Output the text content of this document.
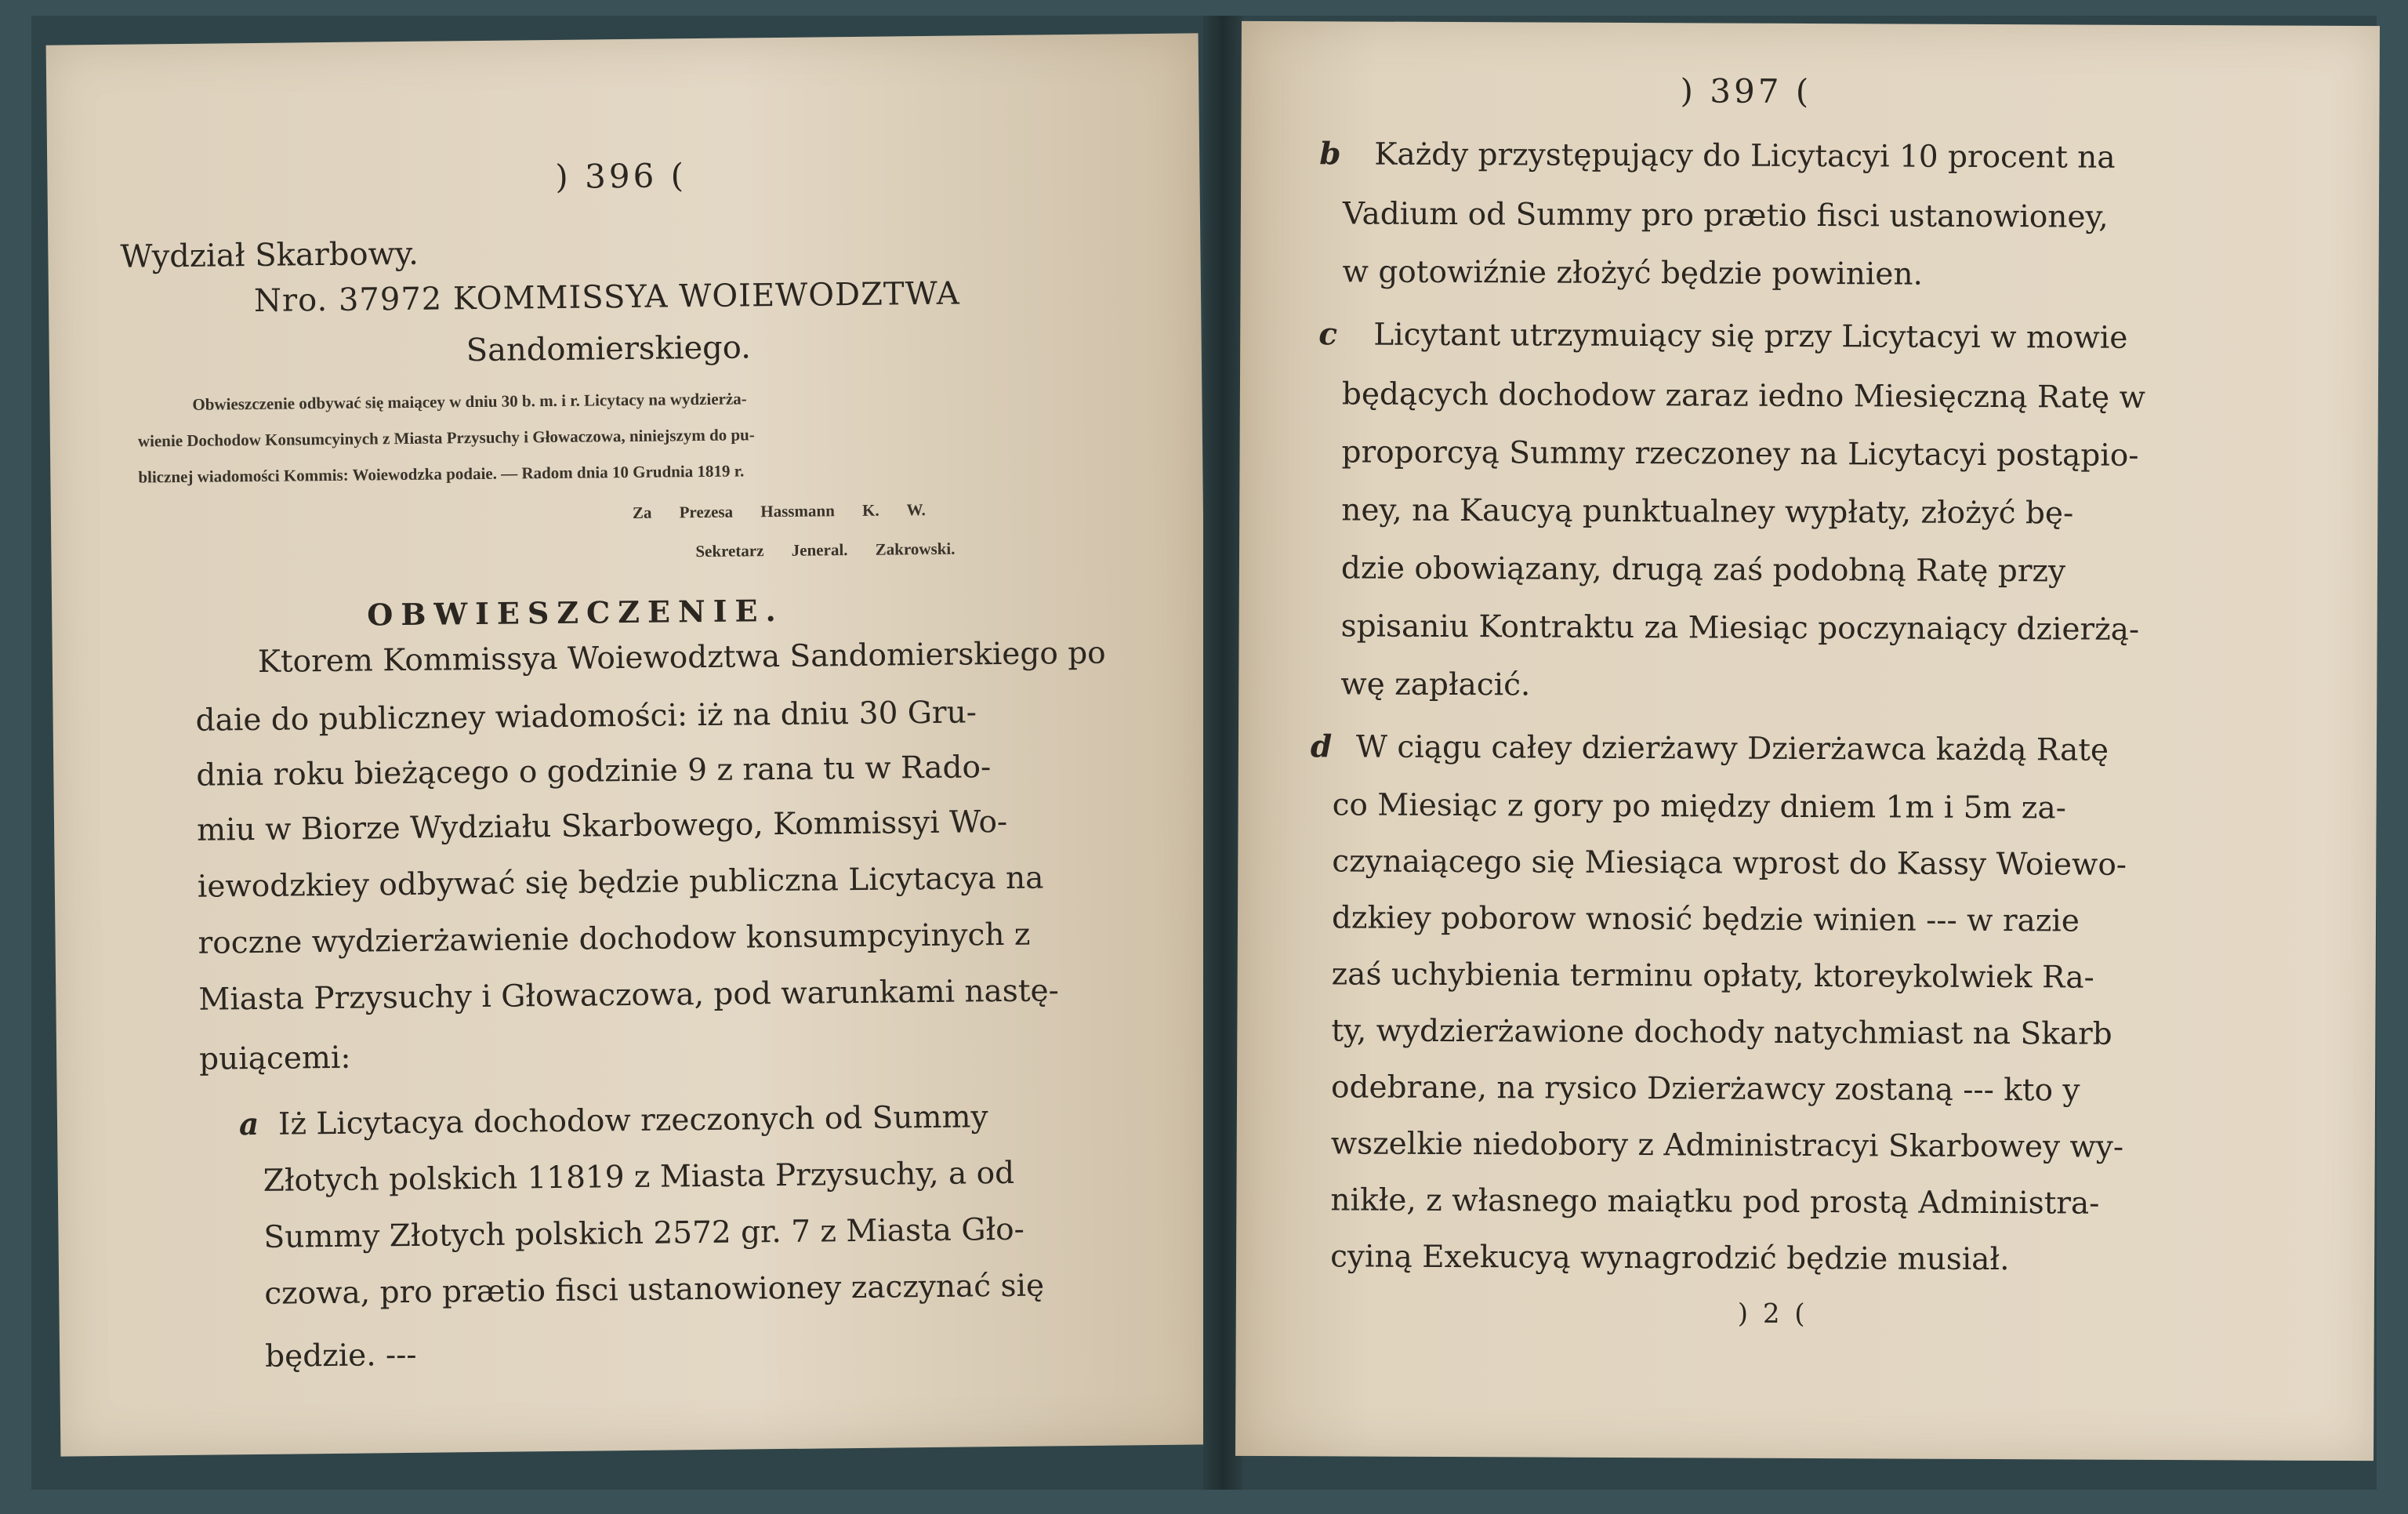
) 396 (
Wydział Skarbowy.
Nro. 37972 KOMMISSYA WOIEWODZTWA
Sandomierskiego.
Obwieszczenie odbywać się maiącey w dniu 30 b. m. i r. Licytacy na wydzierża-
wienie Dochodow Konsumcyinych z Miasta Przysuchy i Głowaczowa, niniejszym do pu-
blicznej wiadomości Kommis: Woiewodzka podaie. — Radom dnia 10 Grudnia 1819 r.
Za Prezesa Hassmann K. W.
Sekretarz Jeneral. Zakrowski.
OBWIESZCZENIE.
Ktorem Kommissya Woiewodztwa Sandomierskiego po
daie do publiczney wiadomości: iż na dniu 30 Gru-
dnia roku bieżącego o godzinie 9 z rana tu w Rado-
miu w Biorze Wydziału Skarbowego, Kommissyi Wo-
iewodzkiey odbywać się będzie publiczna Licytacya na
roczne wydzierżawienie dochodow konsumpcyinych z
Miasta Przysuchy i Głowaczowa, pod warunkami nastę-
puiącemi:
a Iż Licytacya dochodow rzeczonych od Summy
Złotych polskich 11819 z Miasta Przysuchy, a od
Summy Złotych polskich 2572 gr. 7 z Miasta Gło-
czowa, pro prætio fisci ustanowioney zaczynać się
będzie. ---
) 397 (
b Każdy przystępujący do Licytacyi 10 procent na
Vadium od Summy pro prætio fisci ustanowioney,
w gotowiźnie złożyć będzie powinien.
c Licytant utrzymuiący się przy Licytacyi w mowie
będących dochodow zaraz iedno Miesięczną Ratę w
proporcyą Summy rzeczoney na Licytacyi postąpio-
ney, na Kaucyą punktualney wypłaty, złożyć bę-
dzie obowiązany, drugą zaś podobną Ratę przy
spisaniu Kontraktu za Miesiąc poczynaiący dzierżą-
wę zapłacić.
d W ciągu całey dzierżawy Dzierżawca każdą Ratę
co Miesiąc z gory po między dniem 1m i 5m za-
czynaiącego się Miesiąca wprost do Kassy Woiewo-
dzkiey poborow wnosić będzie winien --- w razie
zaś uchybienia terminu opłaty, ktoreykolwiek Ra-
ty, wydzierżawione dochody natychmiast na Skarb
odebrane, na rysico Dzierżawcy zostaną --- kto y
wszelkie niedobory z Administracyi Skarbowey wy-
nikłe, z własnego maiątku pod prostą Administra-
cyiną Exekucyą wynagrodzić będzie musiał.
) 2 (
